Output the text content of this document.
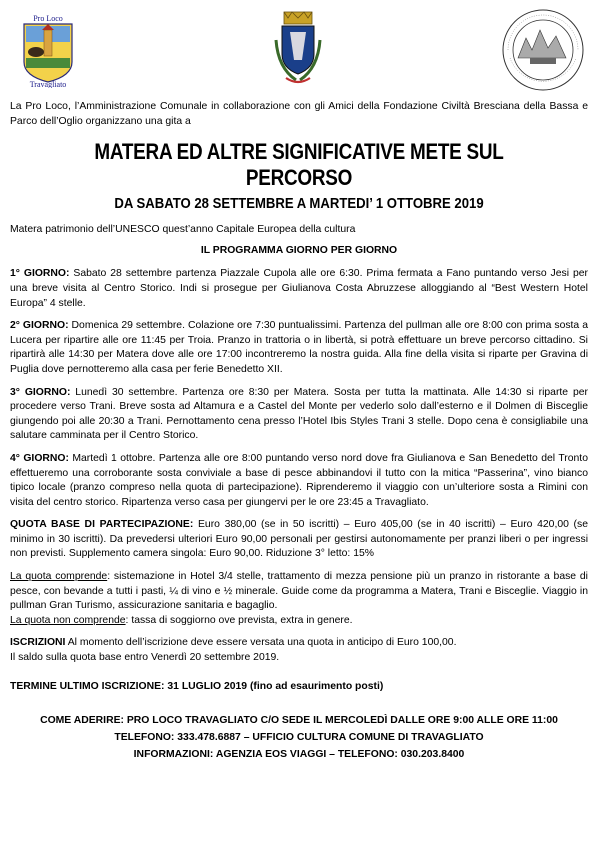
Pro Loco
Travagliato

La Pro Loco, l’Amministrazione Comunale in collaborazione con gli Amici della Fondazione Civiltà Bresciana della Bassa e Parco dell’Oglio organizzano una gita a

MATERA ED ALTRE SIGNIFICATIVE METE SUL PERCORSO
DA SABATO 28 SETTEMBRE A MARTEDI’ 1 OTTOBRE 2019

Matera patrimonio dell’UNESCO quest’anno Capitale Europea della cultura

IL PROGRAMMA GIORNO PER GIORNO

1° GIORNO: Sabato 28 settembre partenza Piazzale Cupola alle ore 6:30. Prima fermata a Fano puntando verso Jesi per una breve visita al Centro Storico. Indi si prosegue per Giulianova Costa Abruzzese alloggiando al “Best Western Hotel Europa” 4 stelle.

2° GIORNO: Domenica 29 settembre. Colazione ore 7:30 puntualissimi. Partenza del pullman alle ore 8:00 con prima sosta a Lucera per ripartire alle ore 11:45 per Troia. Pranzo in trattoria o in libertà, si potrà effettuare un breve percorso cittadino. Si ripartirà alle 14:30 per Matera dove alle ore 17:00 incontreremo la nostra guida. Alla fine della visita si riparte per Gravina di Puglia dove pernotteremo alla casa per ferie Benedetto XII.

3° GIORNO: Lunedì 30 settembre. Partenza ore 8:30 per Matera. Sosta per tutta la mattinata. Alle 14:30 si riparte per procedere verso Trani. Breve sosta ad Altamura e a Castel del Monte per vederlo solo dall’esterno e il Dolmen di Bisceglie giungendo poi alle 20:30 a Trani. Pernottamento cena presso l’Hotel Ibis Styles Trani 3 stelle. Dopo cena è consigliabile una salutare camminata per il Centro Storico.

4° GIORNO: Martedì 1 ottobre. Partenza alle ore 8:00 puntando verso nord dove fra Giulianova e San Benedetto del Tronto effettueremo una corroborante sosta conviviale a base di pesce abbinandovi il tutto con la mitica “Passerina”, vino bianco tipico locale (pranzo compreso nella quota di partecipazione). Riprenderemo il viaggio con un’ulteriore sosta a Rimini con visita del centro storico. Ripartenza verso casa per giungervi per le ore 23:45 a Travagliato.

QUOTA BASE DI PARTECIPAZIONE: Euro 380,00 (se in 50 iscritti) – Euro 405,00 (se in 40 iscritti) – Euro 420,00 (se minimo in 30 iscritti). Da prevedersi ulteriori Euro 90,00 personali per gestirsi autonomamente per pranzi liberi o per ingressi non previsti. Supplemento camera singola: Euro 90,00. Riduzione 3° letto: 15%

La quota comprende: sistemazione in Hotel 3/4 stelle, trattamento di mezza pensione più un pranzo in ristorante a base di pesce, con bevande a tutti i pasti, ¼ di vino e ½ minerale. Guide come da programma a Matera, Trani e Bisceglie. Viaggio in pullman Gran Turismo, assicurazione sanitaria e bagaglio.

La quota non comprende: tassa di soggiorno ove prevista, extra in genere.

ISCRIZIONI Al momento dell’iscrizione deve essere versata una quota in anticipo di Euro 100,00.

Il saldo sulla quota base entro Venerdì 20 settembre 2019.

TERMINE ULTIMO ISCRIZIONE: 31 LUGLIO 2019 (fino ad esaurimento posti)

COME ADERIRE: PRO LOCO TRAVAGLIATO C/O SEDE IL MERCOLEDÌ DALLE ORE 9:00 ALLE ORE 11:00

TELEFONO: 333.478.6887 – UFFICIO CULTURA COMUNE DI TRAVAGLIATO

INFORMAZIONI: AGENZIA EOS VIAGGI – TELEFONO: 030.203.8400
